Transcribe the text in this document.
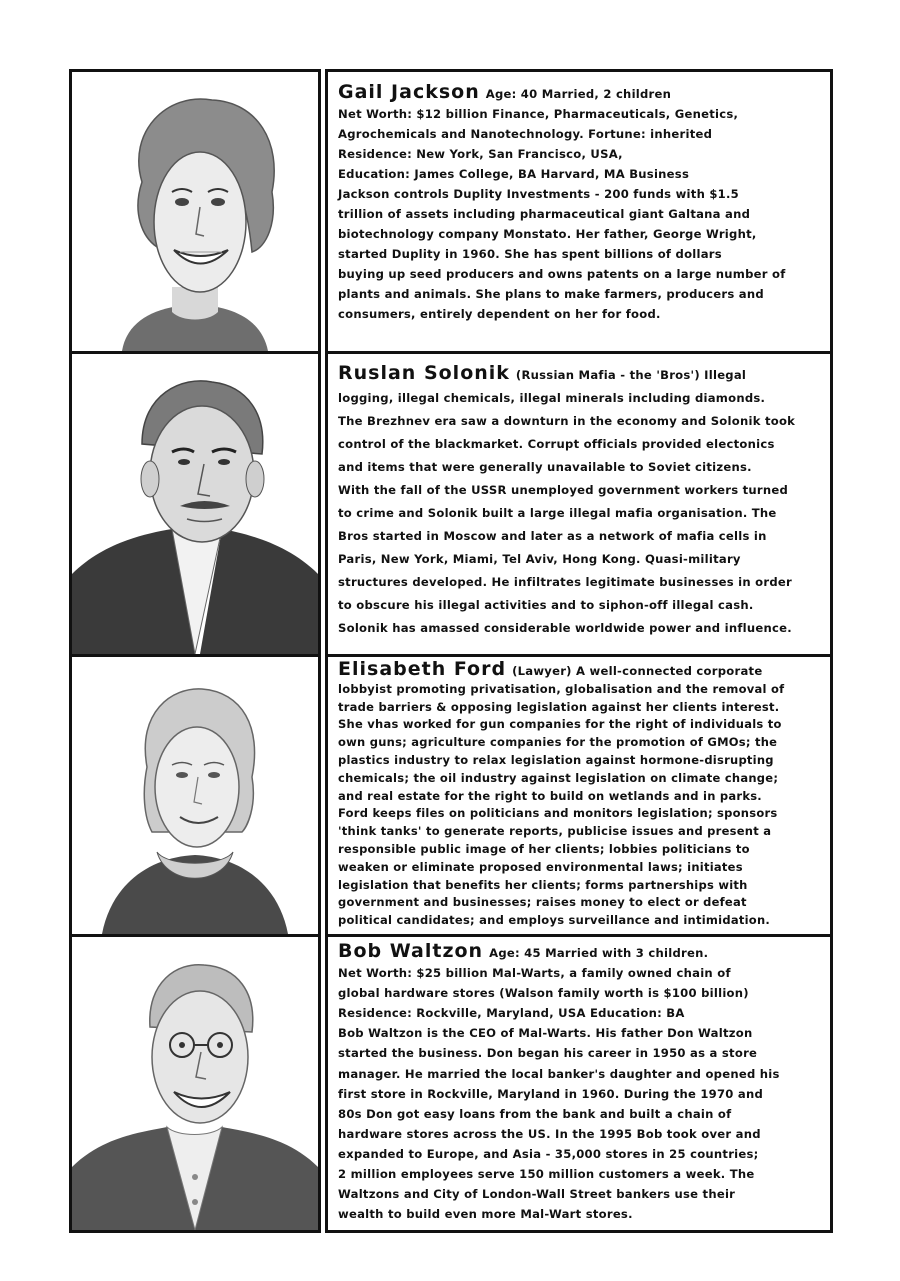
Gail Jackson Age: 40 Married, 2 children

Net Worth: $12 billion Finance, Pharmaceuticals, Genetics,

Agrochemicals and Nanotechnology. Fortune: inherited

Residence: New York, San Francisco, USA,

Education: James College, BA Harvard, MA Business

Jackson controls Duplity Investments - 200 funds with $1.5

trillion of assets including pharmaceutical giant Galtana and

biotechnology company Monstato. Her father, George Wright,

started Duplity in 1960. She has spent billions of dollars

buying up seed producers and owns patents on a large number of

plants and animals. She plans to make farmers, producers and

consumers, entirely dependent on her for food.

Ruslan Solonik (Russian Mafia - the 'Bros') Illegal

logging, illegal chemicals, illegal minerals including diamonds.

The Brezhnev era saw a downturn in the economy and Solonik took

control of the blackmarket. Corrupt officials provided electonics

and items that were generally unavailable to Soviet citizens.

With the fall of the USSR unemployed government workers turned

to crime and Solonik built a large illegal mafia organisation. The

Bros started in Moscow and later as a network of mafia cells in

Paris, New York, Miami, Tel Aviv, Hong Kong. Quasi-military

structures developed. He infiltrates legitimate businesses in order

to obscure his illegal activities and to siphon-off illegal cash.

Solonik has amassed considerable worldwide power and influence.

Elisabeth Ford (Lawyer) A well-connected corporate

lobbyist promoting privatisation, globalisation and the removal of

trade barriers & opposing legislation against her clients interest.

She vhas worked for gun companies for the right of individuals to

own guns; agriculture companies for the promotion of GMOs; the

plastics industry to relax legislation against hormone-disrupting

chemicals; the oil industry against legislation on climate change;

and real estate for the right to build on wetlands and in parks.

Ford keeps files on politicians and monitors legislation; sponsors

'think tanks' to generate reports, publicise issues and present a

responsible public image of her clients; lobbies politicians to

weaken or eliminate proposed environmental laws; initiates

legislation that benefits her clients; forms partnerships with

government and businesses; raises money to elect or defeat

political candidates; and employs surveillance and intimidation.

Bob Waltzon Age: 45 Married with 3 children.

Net Worth: $25 billion Mal-Warts, a family owned chain of

global hardware stores (Walson family worth is $100 billion)

Residence: Rockville, Maryland, USA Education: BA

Bob Waltzon is the CEO of Mal-Warts. His father Don Waltzon

started the business. Don began his career in 1950 as a store

manager. He married the local banker's daughter and opened his

first store in Rockville, Maryland in 1960. During the 1970 and

80s Don got easy loans from the bank and built a chain of

hardware stores across the US. In the 1995 Bob took over and

expanded to Europe, and Asia - 35,000 stores in 25 countries;

2 million employees serve 150 million customers a week. The

Waltzons and City of London-Wall Street bankers use their

wealth to build even more Mal-Wart stores.
